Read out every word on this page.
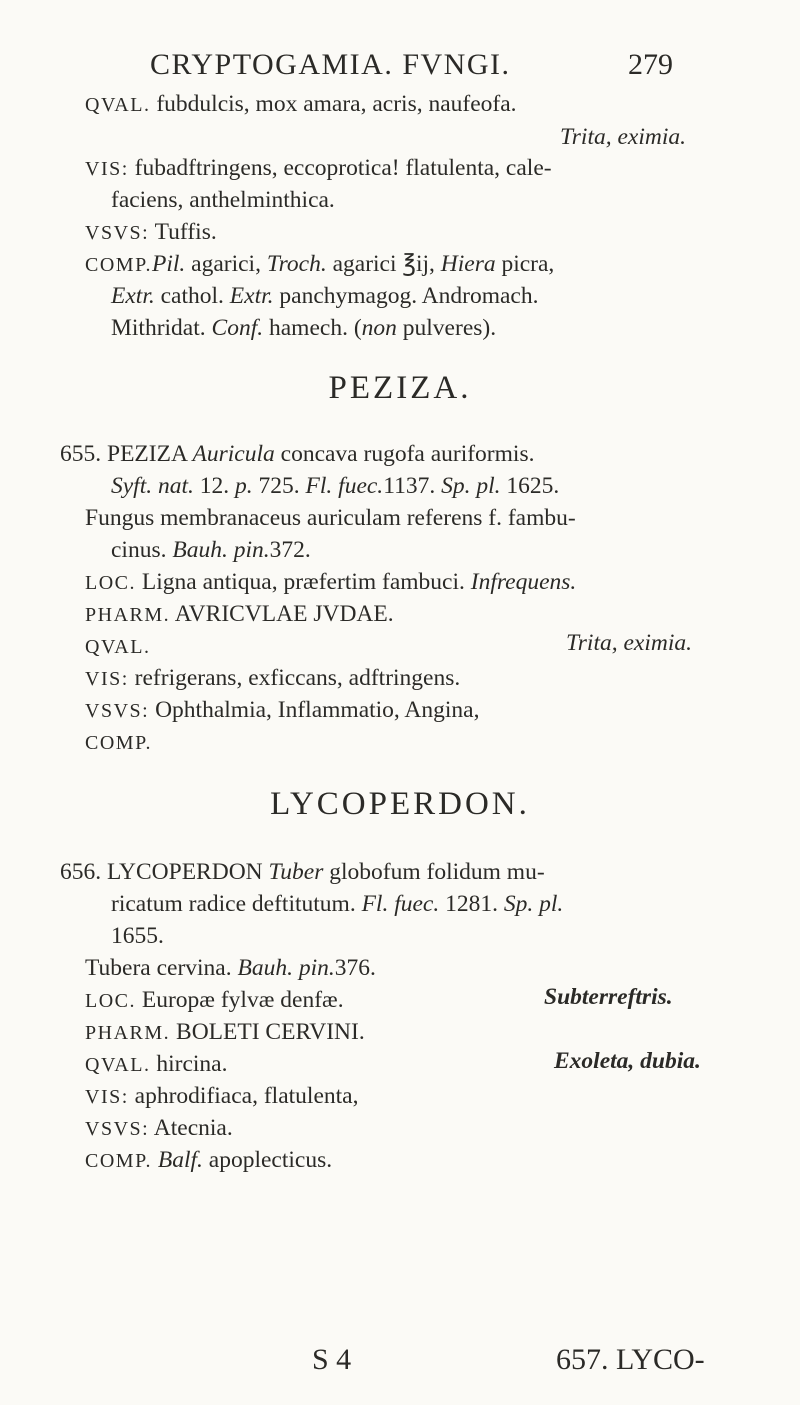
CRYPTOGAMIA. FVNGI.	279
QVAL. fubdulcis, mox amara, acris, naufeofa.
Trita, eximia.
VIS: fubadftringens, eccoprotica! flatulenta, cale-
faciens, anthelminthica.
VSVS: Tuffis.
COMP.Pil. agarici, Troch. agarici ℥ij, Hiera picra,
Extr. cathol. Extr. panchymagog. Andromach.
Mithridat. Conf. hamech. (non pulveres).
PEZIZA.
655. PEZIZA Auricula concava rugofa auriformis.
Syft. nat. 12. p. 725. Fl. fuec.1137. Sp. pl. 1625.
Fungus membranaceus auriculam referens f. fambu-
cinus. Bauh. pin.372.
LOC. Ligna antiqua, præfertim fambuci. Infrequens.
PHARM. AVRICVLAE JVDAE.
QVAL.	Trita, eximia.
VIS: refrigerans, exficcans, adftringens.
VSVS: Ophthalmia, Inflammatio, Angina,
COMP.
LYCOPERDON.
656. LYCOPERDON Tuber globofum folidum mu-
ricatum radice deftitutum. Fl. fuec. 1281. Sp. pl.
1655.
Tubera cervina. Bauh. pin.376.
LOC. Europæ fylvæ denfæ.	Subterreftris.
PHARM. BOLETI CERVINI.
QVAL. hircina.	Exoleta, dubia.
VIS: aphrodifiaca, flatulenta,
VSVS: Atecnia.
COMP. Balf. apoplecticus.
S 4	657. LYCO-
